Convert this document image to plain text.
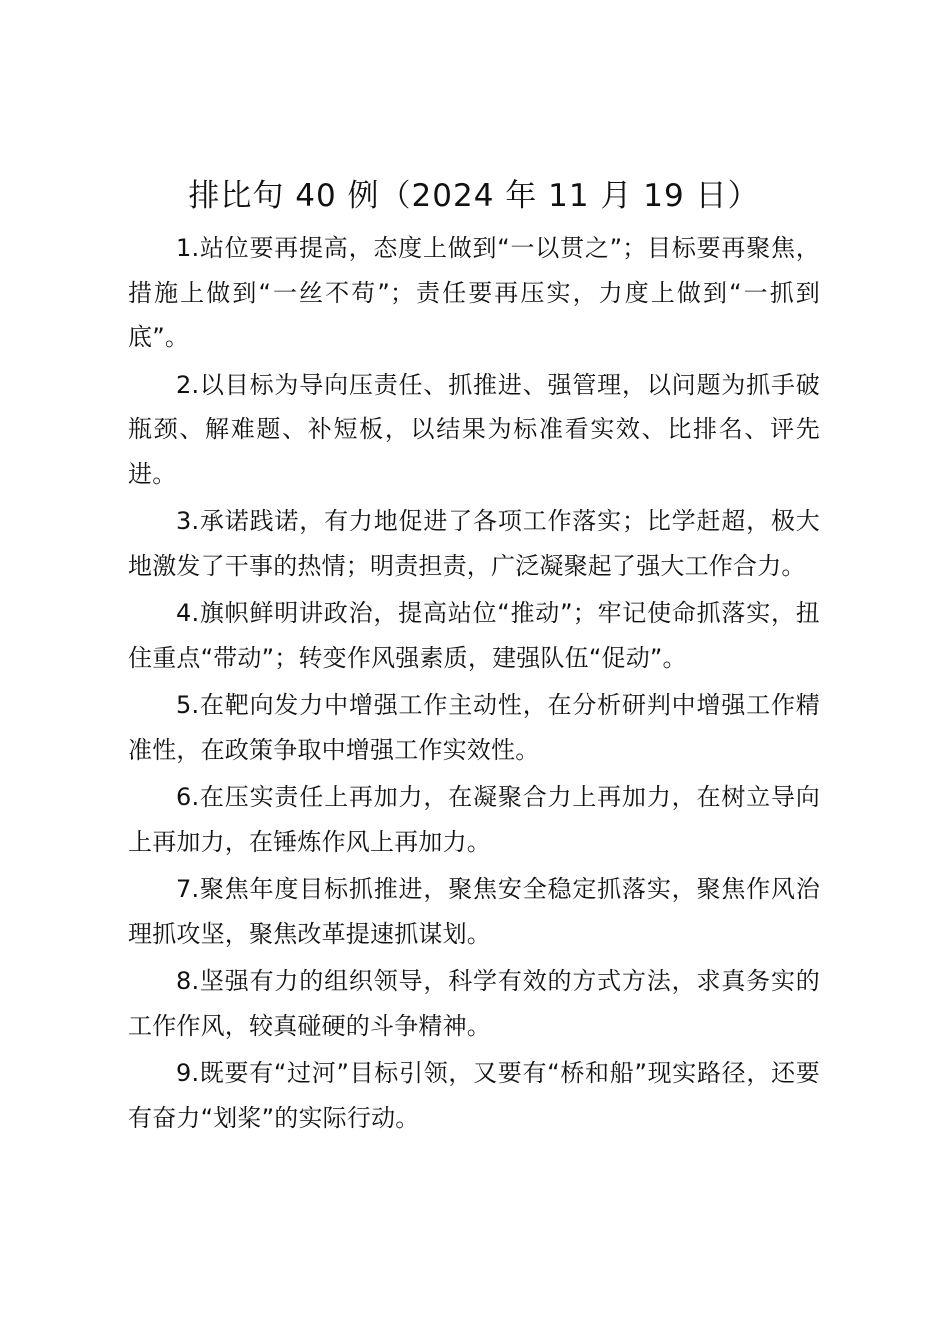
排比句 40 例（2024 年 11 月 19 日）

1.站位要再提高，态度上做到“一以贯之”；目标要再聚焦，措施上做到“一丝不苟”；责任要再压实，力度上做到“一抓到底”。

2.以目标为导向压责任、抓推进、强管理，以问题为抓手破瓶颈、解难题、补短板，以结果为标准看实效、比排名、评先进。

3.承诺践诺，有力地促进了各项工作落实；比学赶超，极大地激发了干事的热情；明责担责，广泛凝聚起了强大工作合力。

4.旗帜鲜明讲政治，提高站位“推动”；牢记使命抓落实，扭住重点“带动”；转变作风强素质，建强队伍“促动”。

5.在靶向发力中增强工作主动性，在分析研判中增强工作精准性，在政策争取中增强工作实效性。

6.在压实责任上再加力，在凝聚合力上再加力，在树立导向上再加力，在锤炼作风上再加力。

7.聚焦年度目标抓推进，聚焦安全稳定抓落实，聚焦作风治理抓攻坚，聚焦改革提速抓谋划。

8.坚强有力的组织领导，科学有效的方式方法，求真务实的工作作风，较真碰硬的斗争精神。

9.既要有“过河”目标引领，又要有“桥和船”现实路径，还要有奋力“划桨”的实际行动。
